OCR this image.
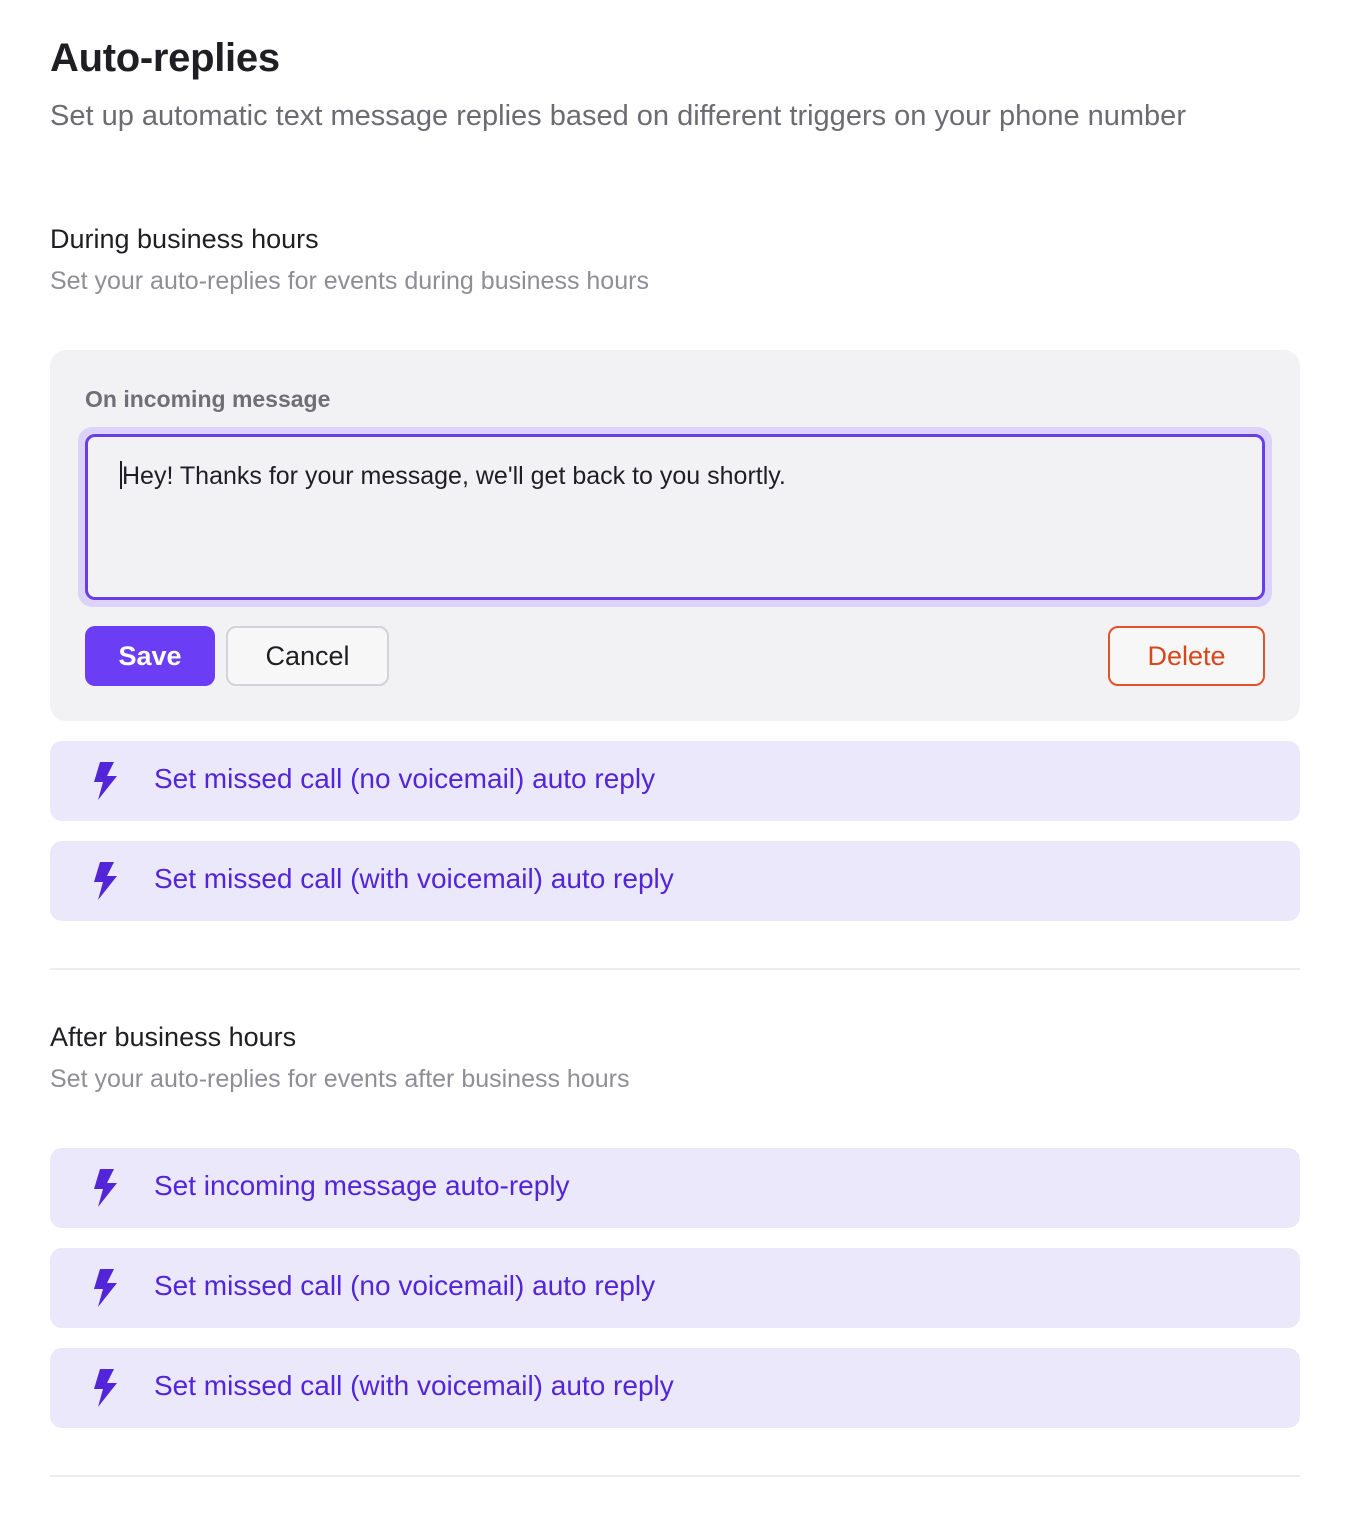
Auto-replies

Set up automatic text message replies based on different triggers on your phone number

During business hours
Set your auto-replies for events during business hours
On incoming message
Hey! Thanks for your message, we'll get back to you shortly.
Save	Cancel	Delete
Set missed call (no voicemail) auto reply
Set missed call (with voicemail) auto reply
After business hours
Set your auto-replies for events after business hours
Set incoming message auto-reply
Set missed call (no voicemail) auto reply
Set missed call (with voicemail) auto reply
